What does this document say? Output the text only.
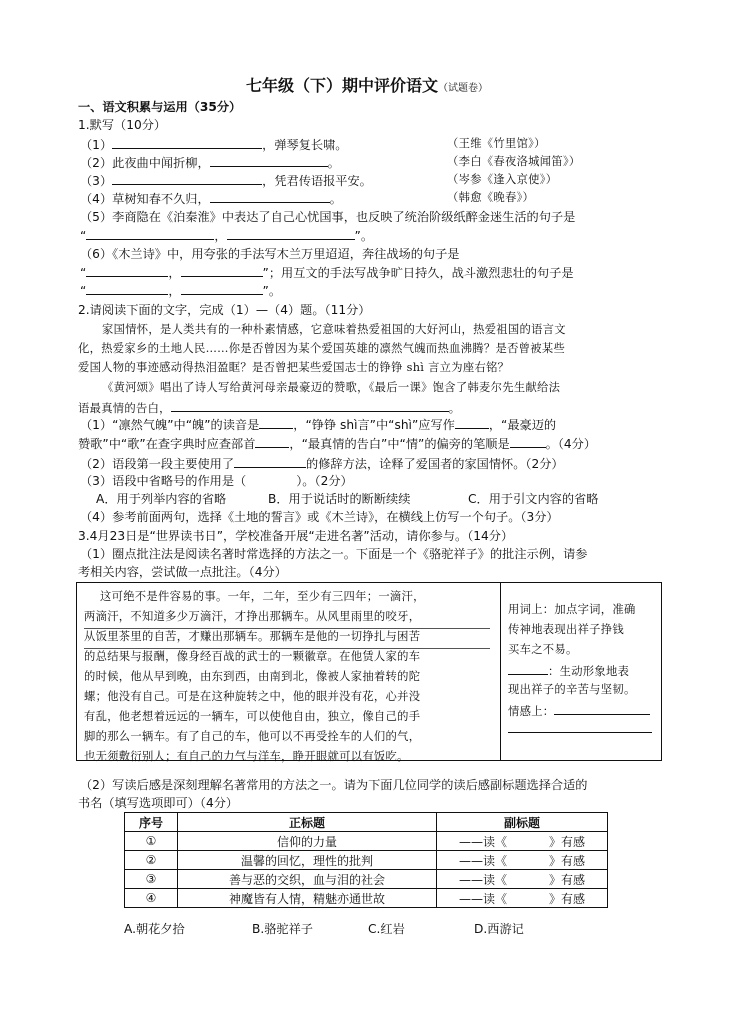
七年级（下）期中评价语文（试题卷）
一、语文积累与运用（35分）
1.默写（10分）
（1）	，弹琴复长啸。	（王维《竹里馆》）
（2）此夜曲中闻折柳，	。	（李白《春夜洛城闻笛》）
（3）	，凭君传语报平安。	（岑参《逢入京使》）
（4）草树知春不久归，	。	（韩愈《晚春》）
（5）李商隐在《泊秦淮》中表达了自己心忧国事，也反映了统治阶级纸醉金迷生活的句子是
“	，	”。
（6）《木兰诗》中，用夸张的手法写木兰万里迢迢，奔往战场的句子是
“	，	”；用互文的手法写战争旷日持久，战斗激烈悲壮的句子是
“	，	”。
2.请阅读下面的文字，完成（1）—（4）题。（11分）
家国情怀，是人类共有的一种朴素情感，它意味着热爱祖国的大好河山，热爱祖国的语言文
化，热爱家乡的土地人民……你是否曾因为某个爱国英雄的凛然气魄而热血沸腾？是否曾被某些
爱国人物的事迹感动得热泪盈眶？是否曾把某些爱国志士的铮铮 shì 言立为座右铭？
《黄河颂》唱出了诗人写给黄河母亲最豪迈的赞歌，《最后一课》饱含了韩麦尔先生献给法
语最真情的告白，	。
（1）“凛然气魄”中“魄”的读音是	，“铮铮 shì言”中“shì”应写作	，“最豪迈的
赞歌”中“歌”在查字典时应查部首	，“最真情的告白”中“情”的偏旁的笔顺是	。（4分）
（2）语段第一段主要使用了	的修辞方法，诠释了爱国者的家国情怀。（2分）
（3）语段中省略号的作用是（	）。（2分）
A．用于列举内容的省略	B．用于说话时的断断续续	C．用于引文内容的省略
（4）参考前面两句，选择《土地的誓言》或《木兰诗》，在横线上仿写一个句子。（3分）
3.4月23日是“世界读书日”，学校准备开展“走进名著”活动，请你参与。（14分）
（1）圈点批注法是阅读名著时常选择的方法之一。下面是一个《骆驼祥子》的批注示例，请参
考相关内容，尝试做一点批注。（4分）
这可绝不是件容易的事。一年，二年，至少有三四年；一滴汗，
两滴汗，不知道多少万滴汗，才挣出那辆车。从风里雨里的咬牙，
从饭里茶里的自苦，才赚出那辆车。那辆车是他的一切挣扎与困苦
的总结果与报酬，像身经百战的武士的一颗徽章。在他赁人家的车
的时候，他从早到晚，由东到西，由南到北，像被人家抽着转的陀
螺；他没有自己。可是在这种旋转之中，他的眼并没有花，心并没
有乱，他老想着远远的一辆车，可以使他自由，独立，像自己的手
脚的那么一辆车。有了自己的车，他可以不再受拴车的人们的气，
也无须敷衍别人；有自己的力气与洋车，睁开眼就可以有饭吃。
用词上：加点字词，准确
传神地表现出祥子挣钱
买车之不易。
：生动形象地表
现出祥子的辛苦与坚韧。
情感上：
（2）写读后感是深刻理解名著常用的方法之一。请为下面几位同学的读后感副标题选择合适的
书名（填写选项即可）（4分）
序号	正标题	副标题
①	信仰的力量	——读《 》有感
②	温馨的回忆，理性的批判	——读《 》有感
③	善与恶的交织，血与泪的社会	——读《 》有感
④	神魔皆有人情，精魅亦通世故	——读《 》有感
A.朝花夕拾	B.骆驼祥子	C.红岩	D.西游记
